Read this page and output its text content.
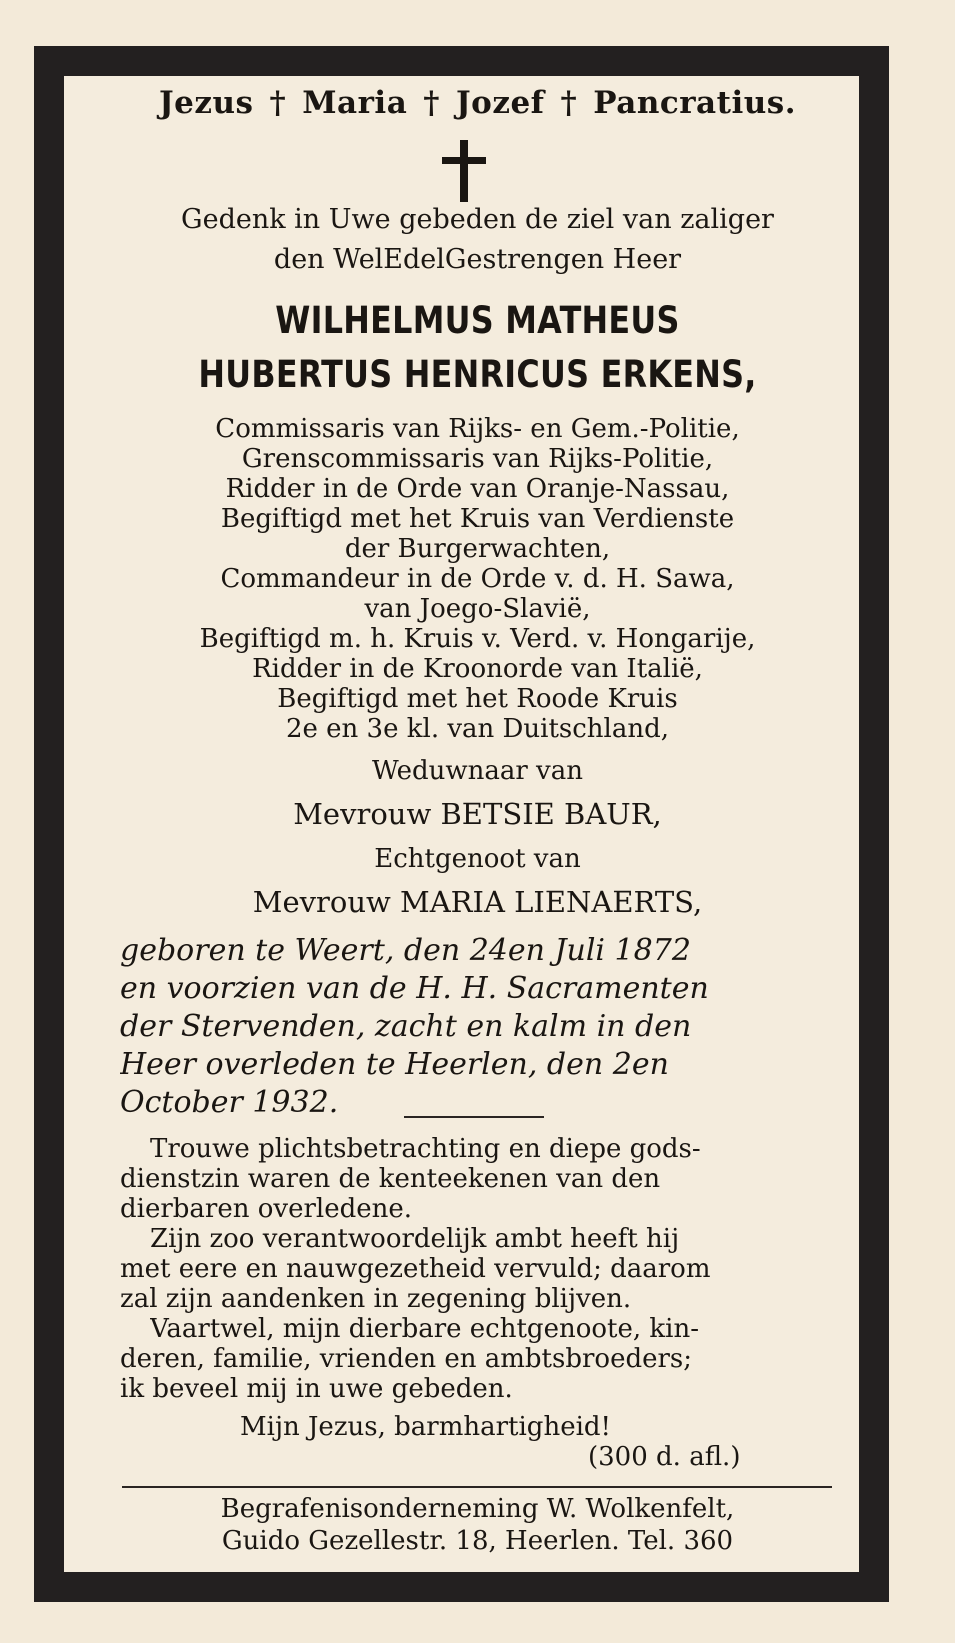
Jezus † Maria † Jozef † Pancratius.

Gedenk in Uwe gebeden de ziel van zaliger

den WelEdelGestrengen Heer

WILHELMUS MATHEUS

HUBERTUS HENRICUS ERKENS,

Commissaris van Rijks- en Gem.-Politie,

Grenscommissaris van Rijks-Politie,

Ridder in de Orde van Oranje-Nassau,

Begiftigd met het Kruis van Verdienste

der Burgerwachten,

Commandeur in de Orde v. d. H. Sawa,

van Joego-Slavië,

Begiftigd m. h. Kruis v. Verd. v. Hongarije,

Ridder in de Kroonorde van Italië,

Begiftigd met het Roode Kruis

2e en 3e kl. van Duitschland,

Weduwnaar van

Mevrouw BETSIE BAUR,

Echtgenoot van

Mevrouw MARIA LIENAERTS,

geboren te Weert, den 24en Juli 1872

en voorzien van de H. H. Sacramenten

der Stervenden, zacht en kalm in den

Heer overleden te Heerlen, den 2en

October 1932.

Trouwe plichtsbetrachting en diepe gods-

dienstzin waren de kenteekenen van den

dierbaren overledene.

Zijn zoo verantwoordelijk ambt heeft hij

met eere en nauwgezetheid vervuld; daarom

zal zijn aandenken in zegening blijven.

Vaartwel, mijn dierbare echtgenoote, kin-

deren, familie, vrienden en ambtsbroeders;

ik beveel mij in uwe gebeden.

Mijn Jezus, barmhartigheid!

(300 d. afl.)

Begrafenisonderneming W. Wolkenfelt,

Guido Gezellestr. 18, Heerlen. Tel. 360
